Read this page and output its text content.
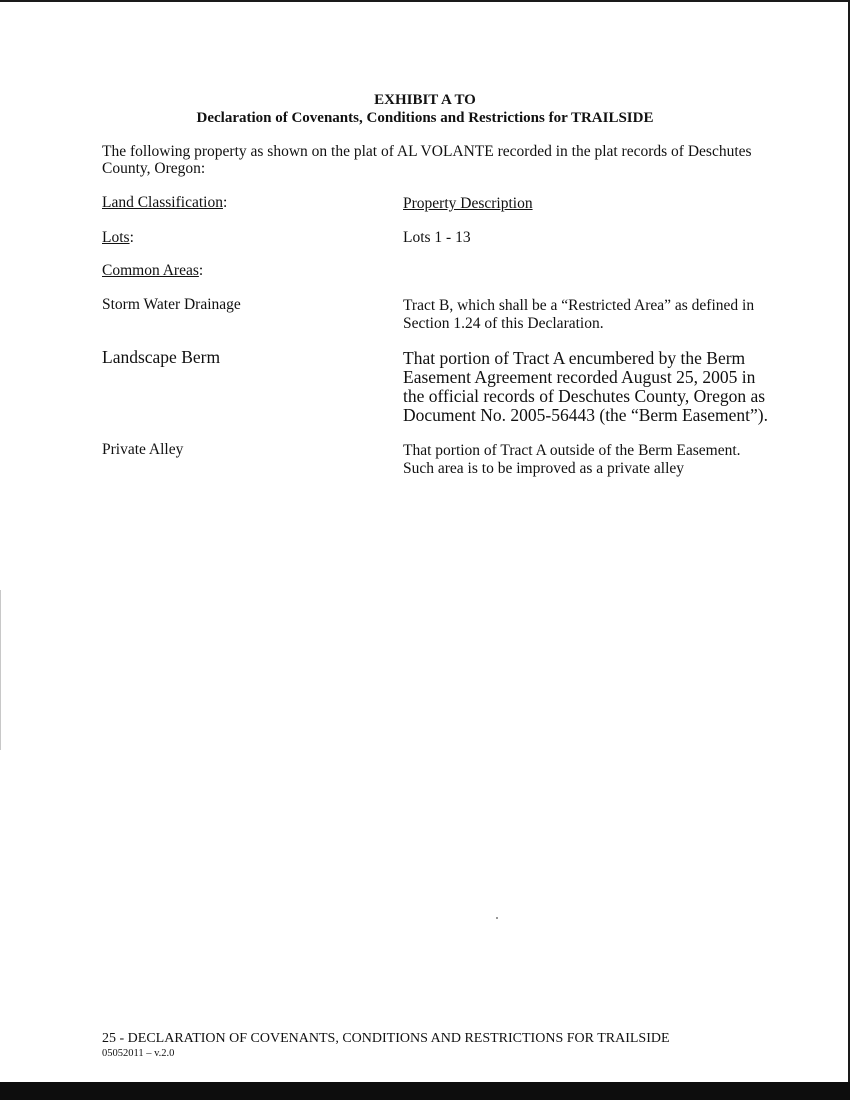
EXHIBIT A TO
Declaration of Covenants, Conditions and Restrictions for TRAILSIDE
The following property as shown on the plat of AL VOLANTE recorded in the plat records of Deschutes County, Oregon:
Land Classification:	Property Description
Lots:	Lots 1 - 13
Common Areas:
Storm Water Drainage	Tract B, which shall be a “Restricted Area” as defined in Section 1.24 of this Declaration.
Landscape Berm	That portion of Tract A encumbered by the Berm Easement Agreement recorded August 25, 2005 in the official records of Deschutes County, Oregon as Document No. 2005-56443 (the “Berm Easement”).
Private Alley	That portion of Tract A outside of the Berm Easement. Such area is to be improved as a private alley
25 - DECLARATION OF COVENANTS, CONDITIONS AND RESTRICTIONS FOR TRAILSIDE
05052011 – v.2.0
